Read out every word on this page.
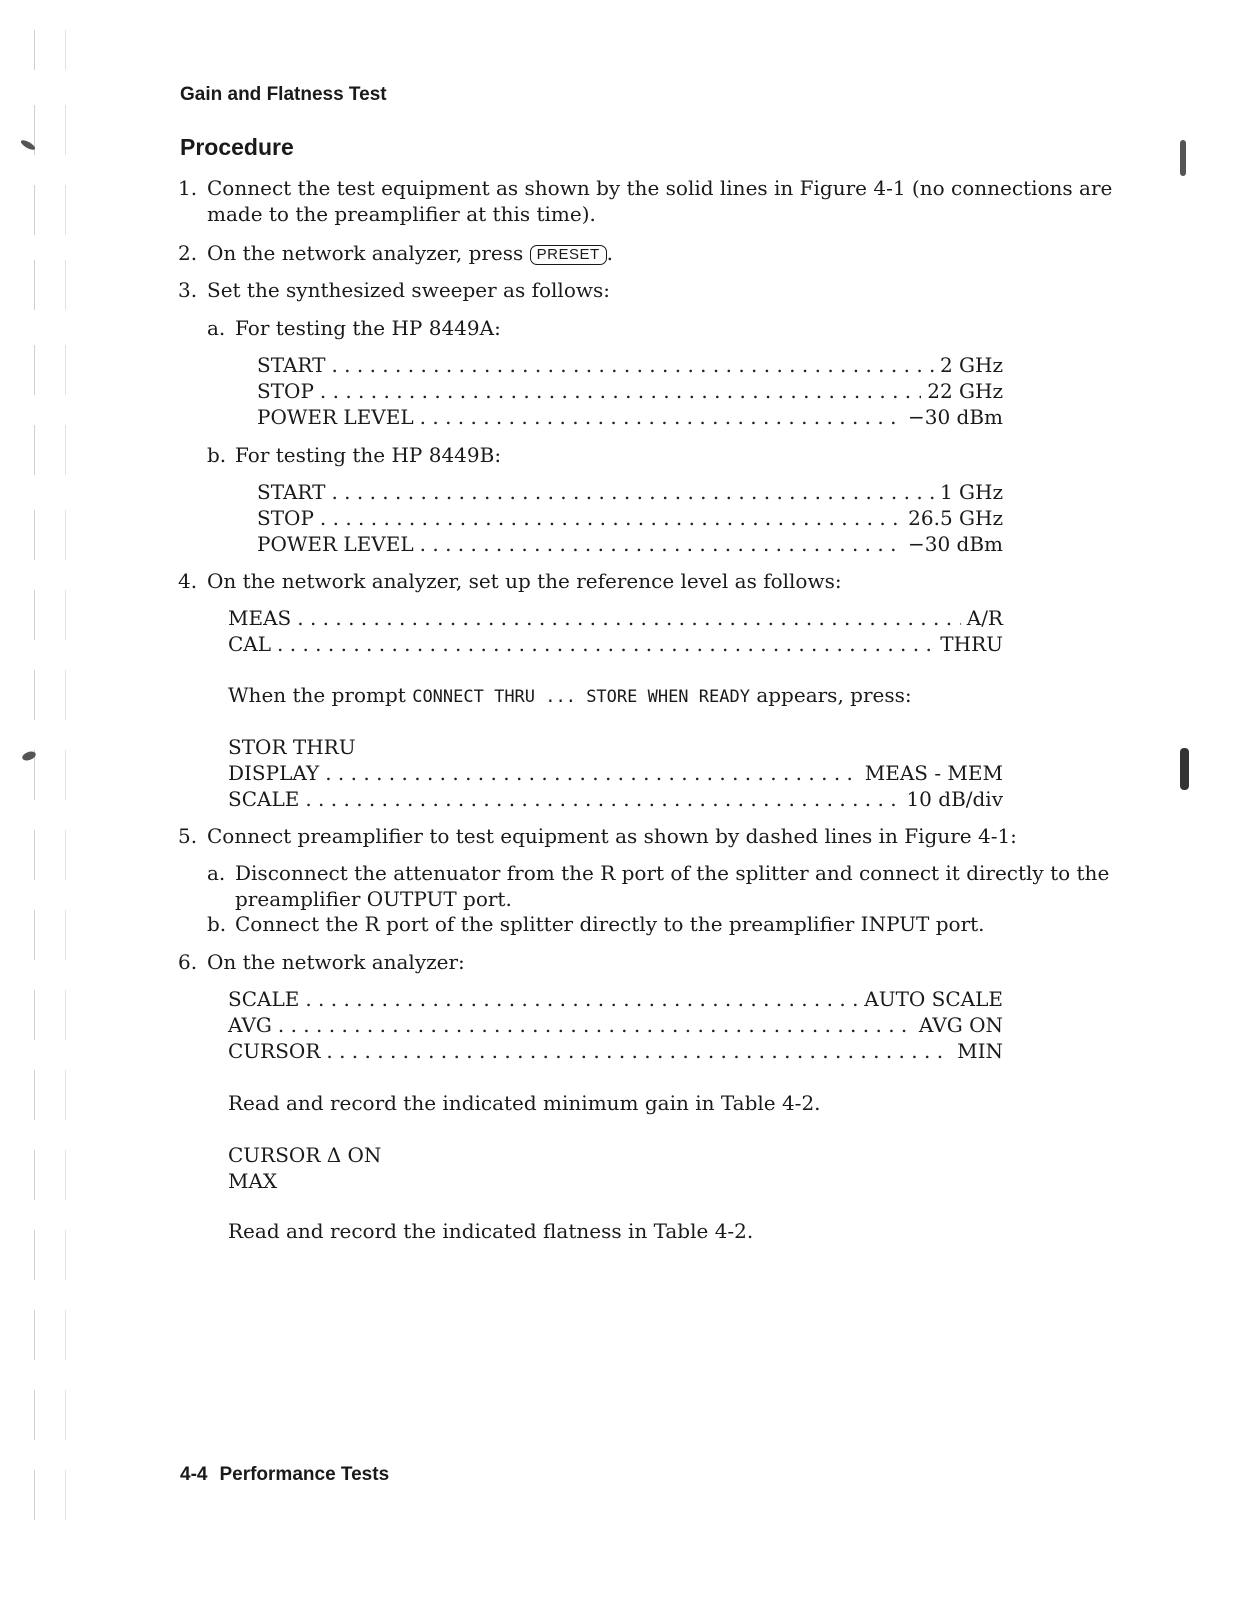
Gain and Flatness Test
Procedure
1. Connect the test equipment as shown by the solid lines in Figure 4-1 (no connections are
made to the preamplifier at this time).
2. On the network analyzer, press PRESET .
3. Set the synthesized sweeper as follows:
a. For testing the HP 8449A:
START . . .	2 GHz
STOP . . .	22 GHz
POWER LEVEL . . .	−30 dBm
b. For testing the HP 8449B:
START . . .	1 GHz
STOP . . .	26.5 GHz
POWER LEVEL . . .	−30 dBm
4. On the network analyzer, set up the reference level as follows:
MEAS . . .	A/R
CAL . . .	THRU
When the prompt CONNECT THRU ... STORE WHEN READY appears, press:
STOR THRU
DISPLAY . . .	MEAS - MEM
SCALE . . .	10 dB/div
5. Connect preamplifier to test equipment as shown by dashed lines in Figure 4-1:
a. Disconnect the attenuator from the R port of the splitter and connect it directly to the
preamplifier OUTPUT port.
b. Connect the R port of the splitter directly to the preamplifier INPUT port.
6. On the network analyzer:
SCALE . . .	AUTO SCALE
AVG . . .	AVG ON
CURSOR . . .	MIN
Read and record the indicated minimum gain in Table 4-2.
CURSOR Δ ON
MAX
Read and record the indicated flatness in Table 4-2.
4-4 Performance Tests
